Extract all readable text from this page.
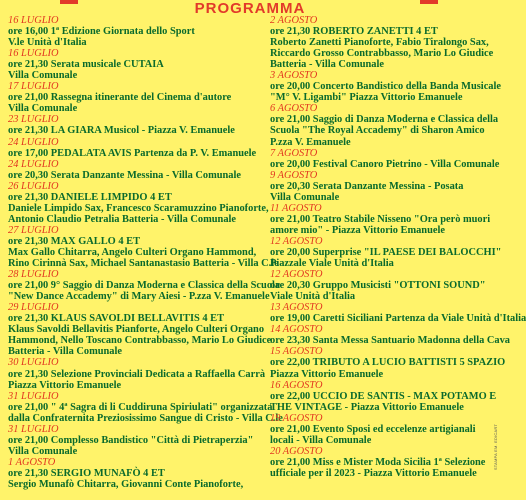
PROGRAMMA
16 LUGLIO
ore 16,00 1ª Edizione Giornata dello Sport
V.le Unità d'Italia
16 LUGLIO
ore 21,30 Serata musicale CUTAIA
Villa Comunale
17 LUGLIO
ore 21,00 Rassegna itinerante del Cinema d'autore
Villa Comunale
23 LUGLIO
ore 21,30 LA GIARA Musicol - Piazza V. Emanuele
24 LUGLIO
ore 17,00 PEDALATA AVIS Partenza da P. V. Emanuele
24 LUGLIO
ore 20,30 Serata Danzante Messina - Villa Comunale
26 LUGLIO
ore 21,30 DANIELE LIMPIDO 4 ET
Daniele Limpido Sax, Francesco Scaramuzzino Pianoforte,
Antonio Claudio Petralia Batteria - Villa Comunale
27 LUGLIO
ore 21,30 MAX GALLO 4 ET
Max Gallo Chitarra, Angelo Culteri Organo Hammond,
Rino Cirinnà Sax, Michael Santanastasio Batteria - Villa C.le
28 LUGLIO
ore 21,00 9° Saggio di Danza Moderna e Classica della Scuola
"New Dance Accademy" di Mary Aiesi - P.zza V. Emanuele
29 LUGLIO
ore 21,30 KLAUS SAVOLDI BELLAVITIS 4 ET
Klaus Savoldi Bellavitis Pianforte, Angelo Culteri Organo
Hammond, Nello Toscano Contrabbasso, Mario Lo Giudice
Batteria - Villa Comunale
30 LUGLIO
ore 21,30 Selezione Provinciali Dedicata a Raffaella Carrà
Piazza Vittorio Emanuele
31 LUGLIO
ore 21,00 " 4ª Sagra di li Cuddiruna Spiriulati" organizzata
dalla Confraternita Preziosissimo Sangue di Cristo - Villa C.le
31 LUGLIO
ore 21,00 Complesso Bandistico "Città di Pietraperzia"
Villa Comunale
1 AGOSTO
ore 21,30 SERGIO MUNAFÒ 4 ET
Sergio Munafò Chitarra, Giovanni Conte Pianoforte,
2 AGOSTO
ore 21,30 ROBERTO ZANETTI 4 ET
Roberto Zanetti Pianoforte, Fabio Tiralongo Sax,
Riccardo Grosso Contrabbasso, Mario Lo Giudice
Batteria - Villa Comunale
3 AGOSTO
ore 20,00 Concerto Bandistico della Banda Musicale
"M° V. Ligambi" Piazza Vittorio Emanuele
6 AGOSTO
ore 21,00 Saggio di Danza Moderna e Classica della
Scuola "The Royal Accademy" di Sharon Amico
P.zza V. Emanuele
7 AGOSTO
ore 20,00 Festival Canoro Pietrino - Villa Comunale
9 AGOSTO
ore 20,30 Serata Danzante Messina - Posata
Villa Comunale
11 AGOSTO
ore 21,00 Teatro Stabile Nisseno "Ora però muori
amore mio" - Piazza Vittorio Emanuele
12 AGOSTO
ore 20,00 Superprise "IL PAESE DEI BALOCCHI"
Piazzale Viale Unità d'Italia
12 AGOSTO
ore 20,30 Gruppo Musicisti "OTTONI SOUND"
Viale Unità d'Italia
13 AGOSTO
ore 19,00 Caretti Siciliani Partenza da Viale Unità d'Italia
14 AGOSTO
ore 23,30 Santa Messa Santuario Madonna della Cava
15 AGOSTO
ore 22,00 TRIBUTO A LUCIO BATTISTI 5 SPAZIO
Piazza Vittorio Emanuele
16 AGOSTO
ore 22,00 UCCIO DE SANTIS - MAX POTAMO E
THE VINTAGE - Piazza Vittorio Emanuele
19 AGOSTO
ore 21,00 Evento Sposi ed eccelenze artigianali
locali - Villa Comunale
20 AGOSTO
ore 21,00 Miss e Mister Moda Sicilia 1ª Selezione
ufficiale per il 2023 - Piazza Vittorio Emanuele
STAMPA EM. EDICART
